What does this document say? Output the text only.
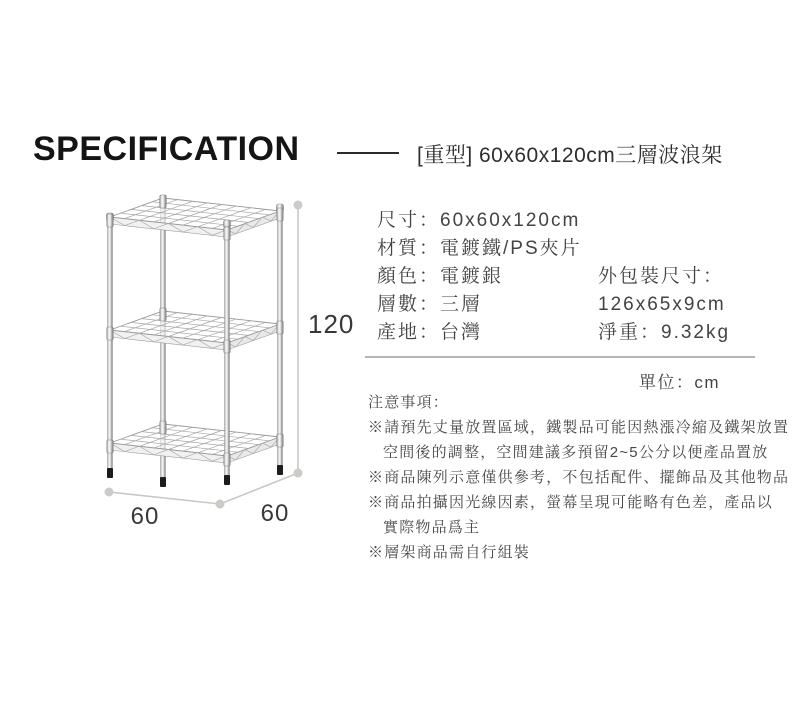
SPECIFICATION	[重型] 60x60x120cm三層波浪架
120
60	60
尺寸：60x60x120cm
材質：電鍍鐵/PS夾片
顏色：電鍍銀
層數：三層
產地：台灣
外包裝尺寸：
126x65x9cm
淨重：9.32kg
單位：cm
注意事項：
※請預先丈量放置區域，鐵製品可能因熱漲冷縮及鐵架放置
空間後的調整，空間建議多預留2~5公分以便產品置放
※商品陳列示意僅供參考，不包括配件、擺飾品及其他物品
※商品拍攝因光線因素，螢幕呈現可能略有色差，產品以
實際物品爲主
※層架商品需自行組裝
